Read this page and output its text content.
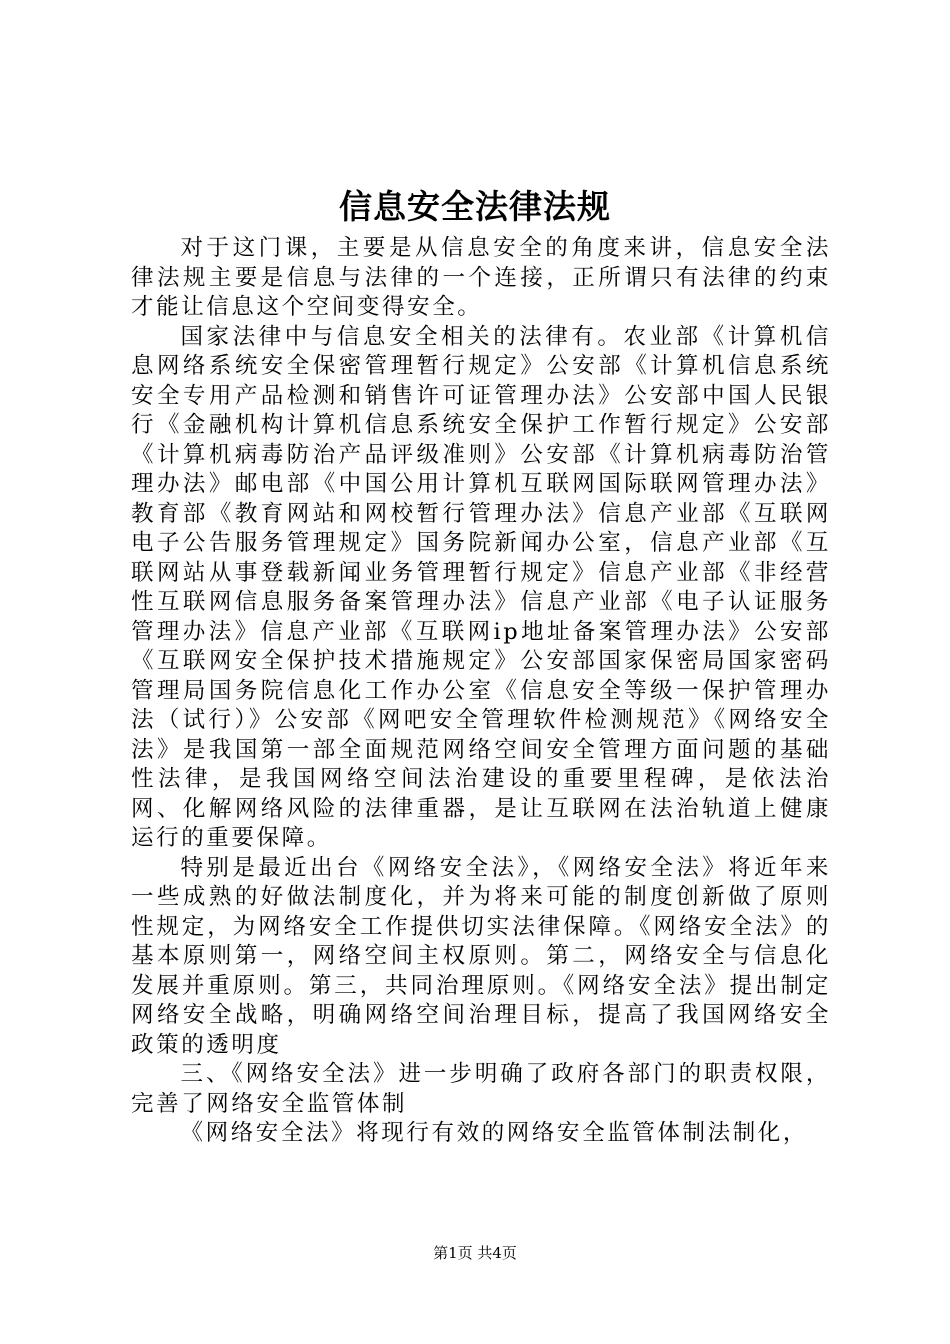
信息安全法律法规

对于这门课，主要是从信息安全的角度来讲，信息安全法律法规主要是信息与法律的一个连接，正所谓只有法律的约束才能让信息这个空间变得安全。

国家法律中与信息安全相关的法律有。农业部《计算机信息网络系统安全保密管理暂行规定》公安部《计算机信息系统安全专用产品检测和销售许可证管理办法》公安部中国人民银行《金融机构计算机信息系统安全保护工作暂行规定》公安部《计算机病毒防治产品评级准则》公安部《计算机病毒防治管理办法》邮电部《中国公用计算机互联网国际联网管理办法》教育部《教育网站和网校暂行管理办法》信息产业部《互联网电子公告服务管理规定》国务院新闻办公室，信息产业部《互联网站从事登载新闻业务管理暂行规定》信息产业部《非经营性互联网信息服务备案管理办法》信息产业部《电子认证服务管理办法》信息产业部《互联网ip地址备案管理办法》公安部《互联网安全保护技术措施规定》公安部国家保密局国家密码管理局国务院信息化工作办公室《信息安全等级一保护管理办法（试行）》公安部《网吧安全管理软件检测规范》《网络安全法》是我国第一部全面规范网络空间安全管理方面问题的基础性法律，是我国网络空间法治建设的重要里程碑，是依法治网、化解网络风险的法律重器，是让互联网在法治轨道上健康运行的重要保障。

特别是最近出台《网络安全法》，《网络安全法》将近年来一些成熟的好做法制度化，并为将来可能的制度创新做了原则性规定，为网络安全工作提供切实法律保障。《网络安全法》的基本原则第一，网络空间主权原则。第二，网络安全与信息化发展并重原则。第三，共同治理原则。《网络安全法》提出制定网络安全战略，明确网络空间治理目标，提高了我国网络安全政策的透明度

三、《网络安全法》进一步明确了政府各部门的职责权限，完善了网络安全监管体制

《网络安全法》将现行有效的网络安全监管体制法制化，

第1页 共4页
